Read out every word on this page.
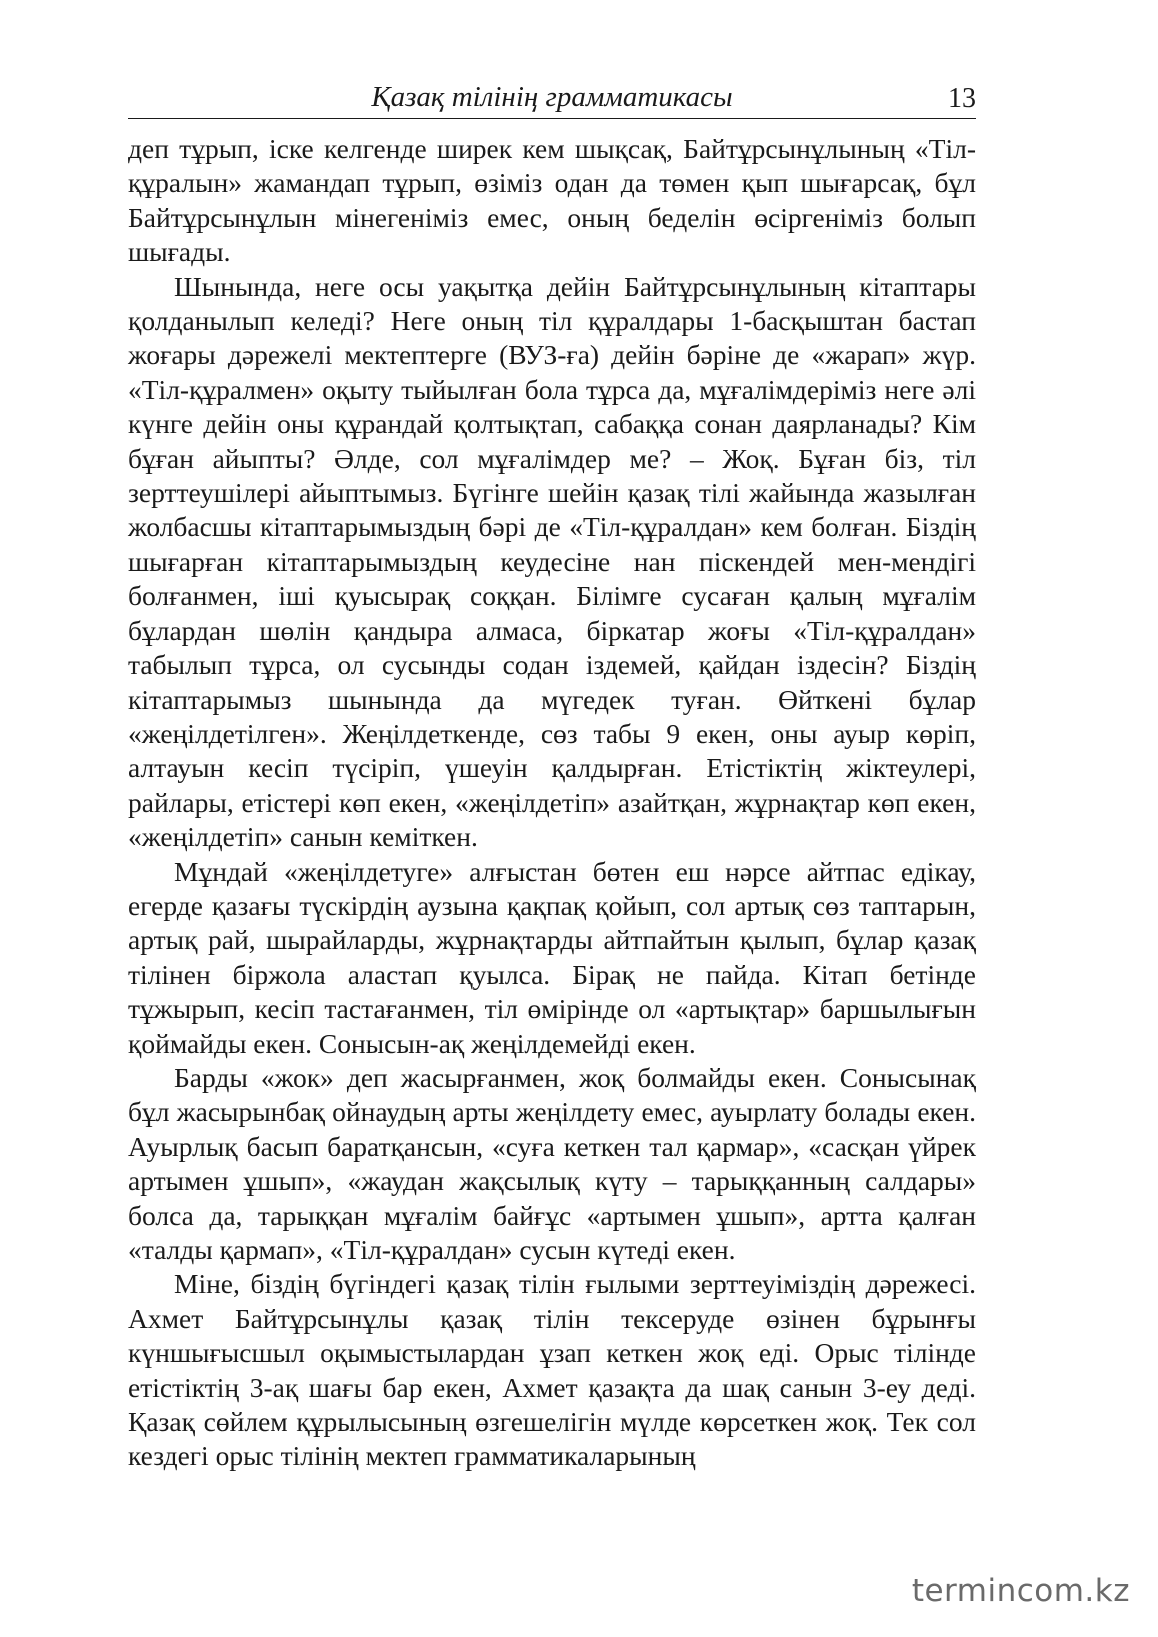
Қазақ тілінің грамматикасы	13

деп тұрып, іске келгенде ширек кем шықсақ, Байтұрсынұлының «Тіл-құралын» жамандап тұрып, өзіміз одан да төмен қып шығарсақ, бұл Байтұрсынұлын мінегеніміз емес, оның беделін өсіргеніміз болып шығады.

Шынында, неге осы уақытқа дейін Байтұрсынұлының кітаптары қолданылып келеді? Неге оның тіл құралдары 1-басқыштан бастап жоғары дәрежелі мектептерге (ВУЗ-ға) дейін бәріне де «жарап» жүр. «Тіл-құралмен» оқыту тыйылған бола тұрса да, мұғалімдеріміз неге әлі күнге дейін оны құрандай қолтықтап, сабаққа сонан даярланады? Кім бұған айыпты? Әлде, сол мұғалімдер ме? – Жоқ. Бұған біз, тіл зерттеушілері айыптымыз. Бүгінге шейін қазақ тілі жайында жазылған жолбасшы кітаптарымыздың бәрі де «Тіл-құралдан» кем болған. Біздің шығарған кітаптарымыздың кеудесіне нан піскендей мен-мендігі болғанмен, іші қуысырақ соққан. Білімге сусаған қалың мұғалім бұлардан шөлін қандыра алмаса, біркатар жоғы «Тіл-құралдан» табылып тұрса, ол сусынды содан іздемей, қайдан іздесін? Біздің кітаптарымыз шынында да мүгедек туған. Өйткені бұлар «жеңілдетілген». Жеңілдеткенде, сөз табы 9 екен, оны ауыр көріп, алтауын кесіп түсіріп, үшеуін қалдырған. Етістіктің жіктеулері, райлары, етістері көп екен, «жеңілдетіп» азайтқан, жұрнақтар көп екен, «жеңілдетіп» санын кеміткен.

Мұндай «жеңілдетуге» алғыстан бөтен еш нәрсе айтпас едікау, егерде қазағы түскірдің аузына қақпақ қойып, сол артық сөз таптарын, артық рай, шырайларды, жұрнақтарды айтпайтын қылып, бұлар қазақ тілінен біржола аластап қуылса. Бірақ не пайда. Кітап бетінде тұжырып, кесіп тастағанмен, тіл өмірінде ол «артықтар» баршылығын қоймайды екен. Сонысын-ақ жеңілдемейді екен.

Барды «жок» деп жасырғанмен, жоқ болмайды екен. Сонысынақ бұл жасырынбақ ойнаудың арты жеңілдету емес, ауырлату болады екен. Ауырлық басып баратқансын, «суға кеткен тал қармар», «сасқан үйрек артымен ұшып», «жаудан жақсылық күту – тарыққанның салдары» болса да, тарыққан мұғалім байғұс «артымен ұшып», артта қалған «талды қармап», «Тіл-құралдан» сусын күтеді екен.

Міне, біздің бүгіндегі қазақ тілін ғылыми зерттеуіміздің дәрежесі. Ахмет Байтұрсынұлы қазақ тілін тексеруде өзінен бұрынғы күншығысшыл оқымыстылардан ұзап кеткен жоқ еді. Орыс тілінде етістіктің 3-ақ шағы бар екен, Ахмет қазақта да шақ санын 3-еу деді. Қазақ сөйлем құрылысының өзгешелігін мүлде көрсеткен жоқ. Тек сол кездегі орыс тілінің мектеп грамматикаларының

termincom.kz
